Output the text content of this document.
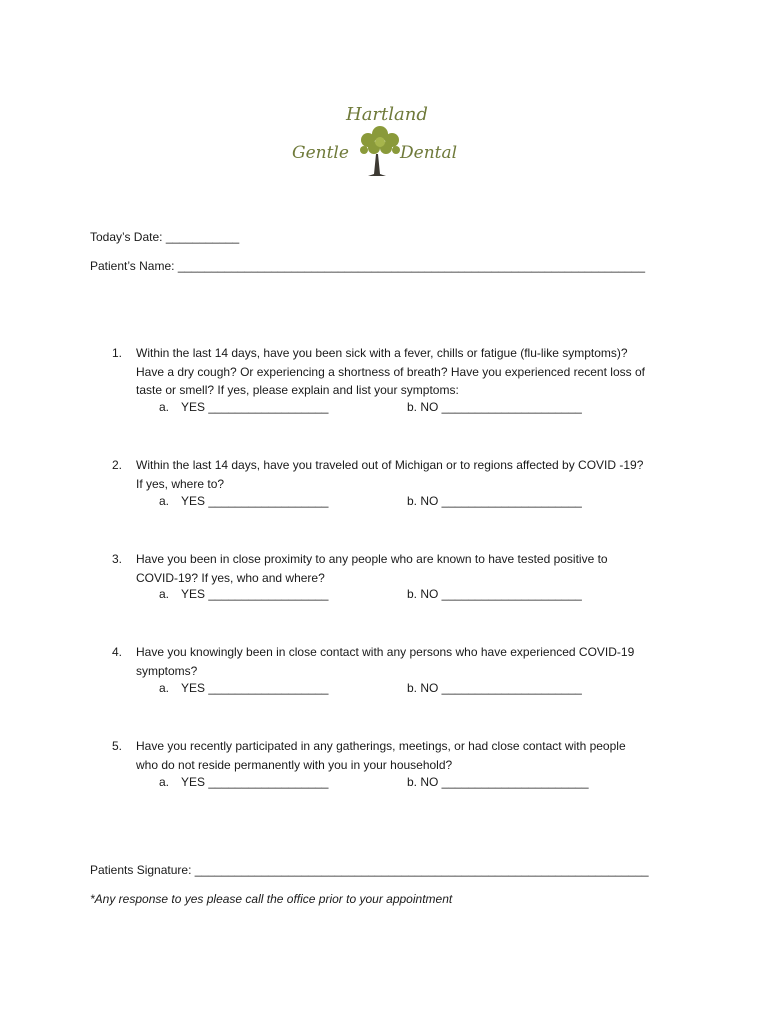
Hartland
Gentle	Dental
Today’s Date: ___________
Patient’s Name: ______________________________________________________________________
1. Within the last 14 days, have you been sick with a fever, chills or fatigue (flu-like symptoms)?
Have a dry cough? Or experiencing a shortness of breath? Have you experienced recent loss of
taste or smell? If yes, please explain and list your symptoms:
a. YES __________________	b. NO _____________________
2. Within the last 14 days, have you traveled out of Michigan or to regions affected by COVID -19?
If yes, where to?
a. YES __________________	b. NO _____________________
3. Have you been in close proximity to any people who are known to have tested positive to
COVID-19? If yes, who and where?
a. YES __________________	b. NO _____________________
4. Have you knowingly been in close contact with any persons who have experienced COVID-19
symptoms?
a. YES __________________	b. NO _____________________
5. Have you recently participated in any gatherings, meetings, or had close contact with people
who do not reside permanently with you in your household?
a. YES __________________	b. NO ______________________
Patients Signature: ____________________________________________________________________
*Any response to yes please call the office prior to your appointment
